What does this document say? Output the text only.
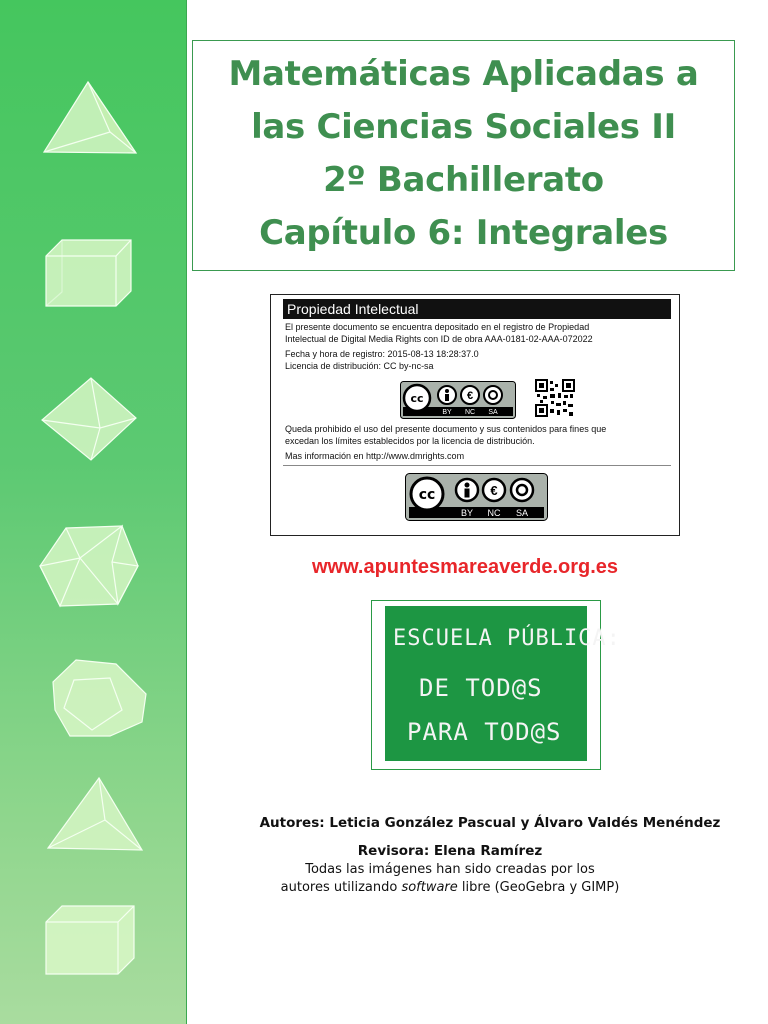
Matemáticas Aplicadas a
las Ciencias Sociales II
2º Bachillerato
Capítulo 6: Integrales
Propiedad Intelectual
El presente documento se encuentra depositado en el registro de Propiedad
Intelectual de Digital Media Rights con ID de obra AAA-0181-02-AAA-072022
Fecha y hora de registro: 2015-08-13 18:28:37.0
Licencia de distribución: CC by-nc-sa
cc	€
BY NC SA
Queda prohibido el uso del presente documento y sus contenidos para fines que
excedan los límites establecidos por la licencia de distribución.
Mas información en http://www.dmrights.com
cc	€
BY NC SA
www.apuntesmareaverde.org.es
ESCUELA PÚBLICA:
DE TOD@S
PARA TOD@S
Autores: Leticia González Pascual y Álvaro Valdés Menéndez
Revisora: Elena Ramírez
Todas las imágenes han sido creadas por los
autores utilizando software libre (GeoGebra y GIMP)
